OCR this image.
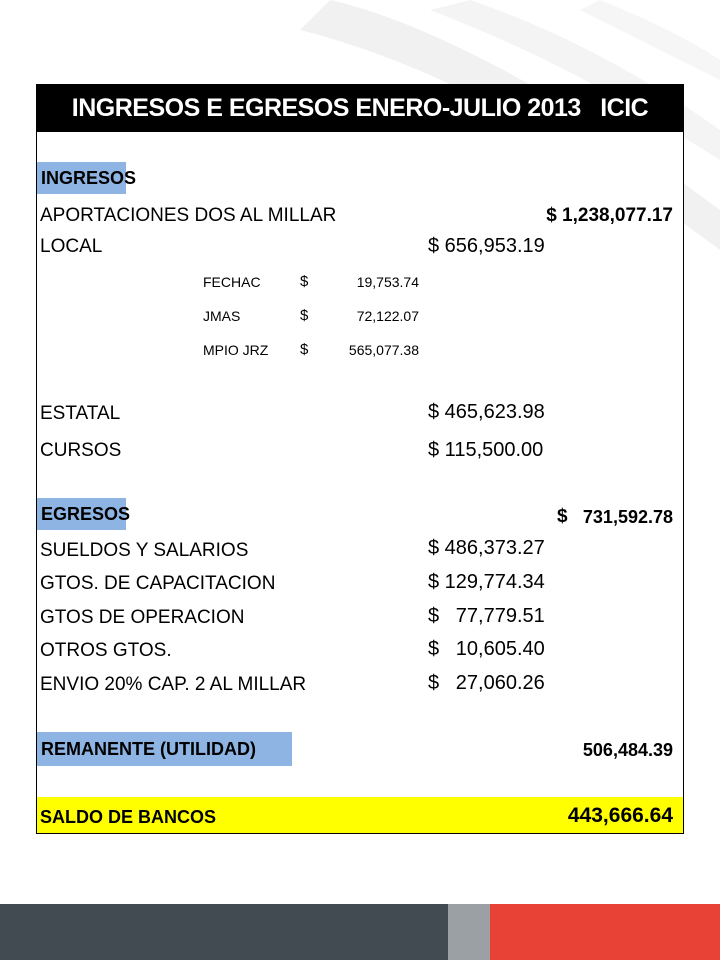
INGRESOS E EGRESOS ENERO-JULIO 2013
ICIC
INGRESOS
APORTACIONES DOS AL MILLAR	$ 1,238,077.17
LOCAL	$ 656,953.19
FECHAC	$	19,753.74
JMAS	$	72,122.07
MPIO JRZ $	565,077.38
ESTATAL	$ 465,623.98
CURSOS	$ 115,500.00
EGRESOS	$ 731,592.78
SUELDOS Y SALARIOS	$ 486,373.27
GTOS. DE CAPACITACION	$ 129,774.34
GTOS DE OPERACION	$   77,779.51
OTROS GTOS.	$   10,605.40
ENVIO 20% CAP. 2 AL MILLAR	$   27,060.26
REMANENTE (UTILIDAD)	506,484.39
SALDO DE BANCOS	443,666.64
